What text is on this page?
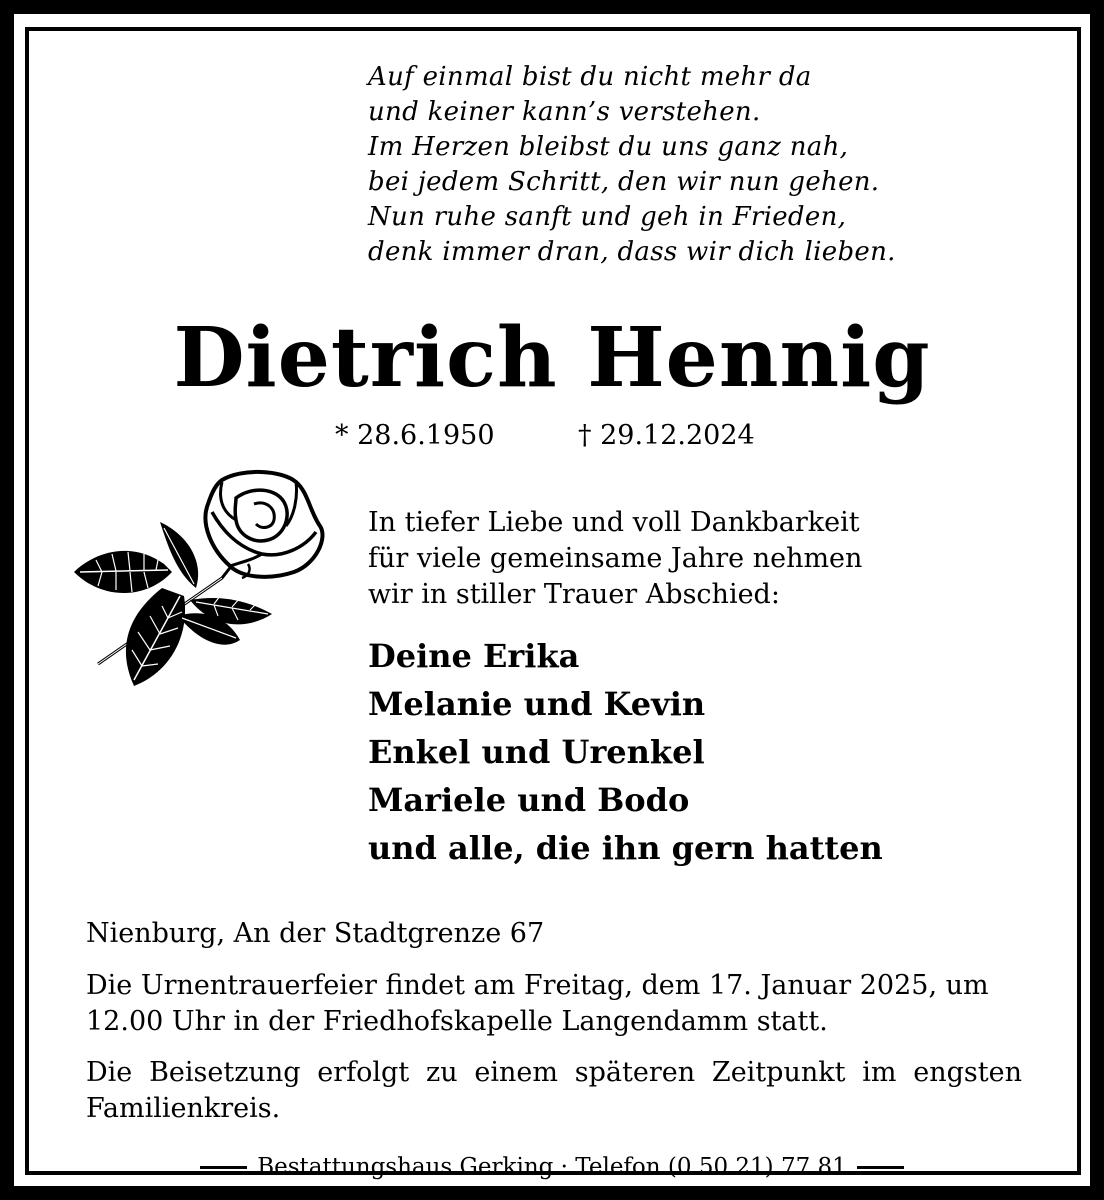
Auf einmal bist du nicht mehr da
und keiner kann’s verstehen.
Im Herzen bleibst du uns ganz nah,
bei jedem Schritt, den wir nun gehen.
Nun ruhe sanft und geh in Frieden,
denk immer dran, dass wir dich lieben.
Dietrich Hennig
* 28.6.1950	† 29.12.2024
In tiefer Liebe und voll Dankbarkeit
für viele gemeinsame Jahre nehmen
wir in stiller Trauer Abschied:
Deine Erika
Melanie und Kevin
Enkel und Urenkel
Mariele und Bodo
und alle, die ihn gern hatten
Nienburg, An der Stadtgrenze 67
Die Urnentrauerfeier findet am Freitag, dem 17. Januar 2025, um 12.00 Uhr in der Friedhofskapelle Langendamm statt.
Die Beisetzung erfolgt zu einem späteren Zeitpunkt im engsten Familienkreis.
Bestattungshaus Gerking · Telefon (0 50 21) 77 81
